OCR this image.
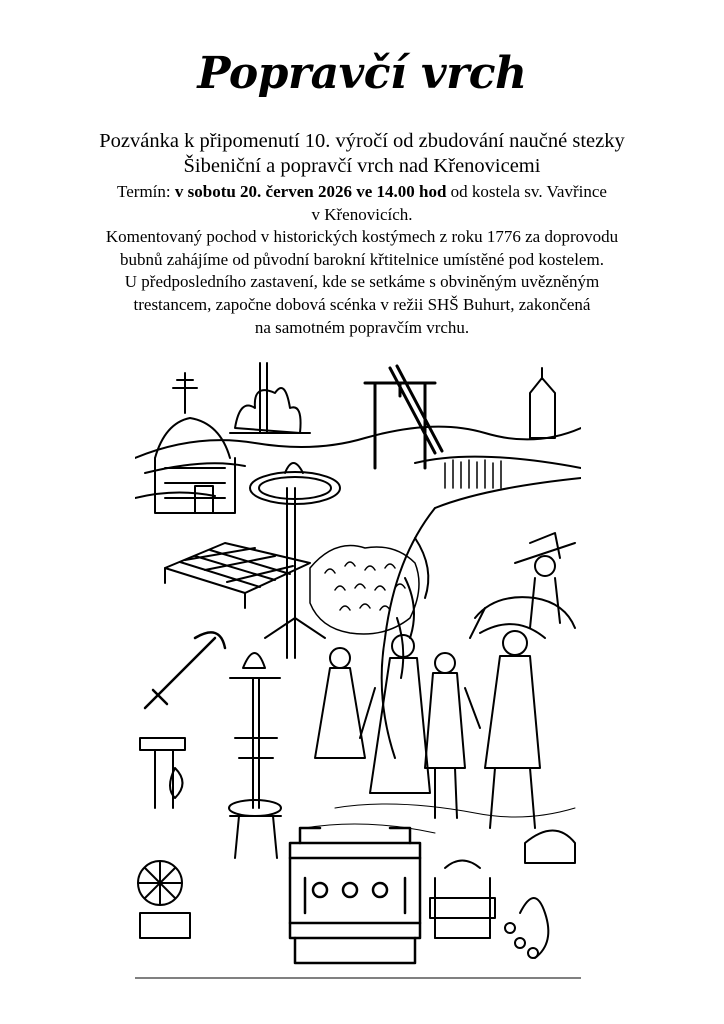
Popravčí vrch
Pozvánka k připomenutí 10. výročí od zbudování naučné stezky
Šibeniční a popravčí vrch nad Křenovicemi
Termín: v sobotu 20. červen 2026 ve 14.00 hod od kostela sv. Vavřince
v Křenovicích.
Komentovaný pochod v historických kostýmech z roku 1776 za doprovodu
bubnů zahájíme od původní barokní křtitelnice umístěné pod kostelem.
U předposledního zastavení, kde se setkáme s obviněným uvězněným
trestancem, započne dobová scénka v režii SHŠ Buhurt, zakončená
na samotném popravčím vrchu.
